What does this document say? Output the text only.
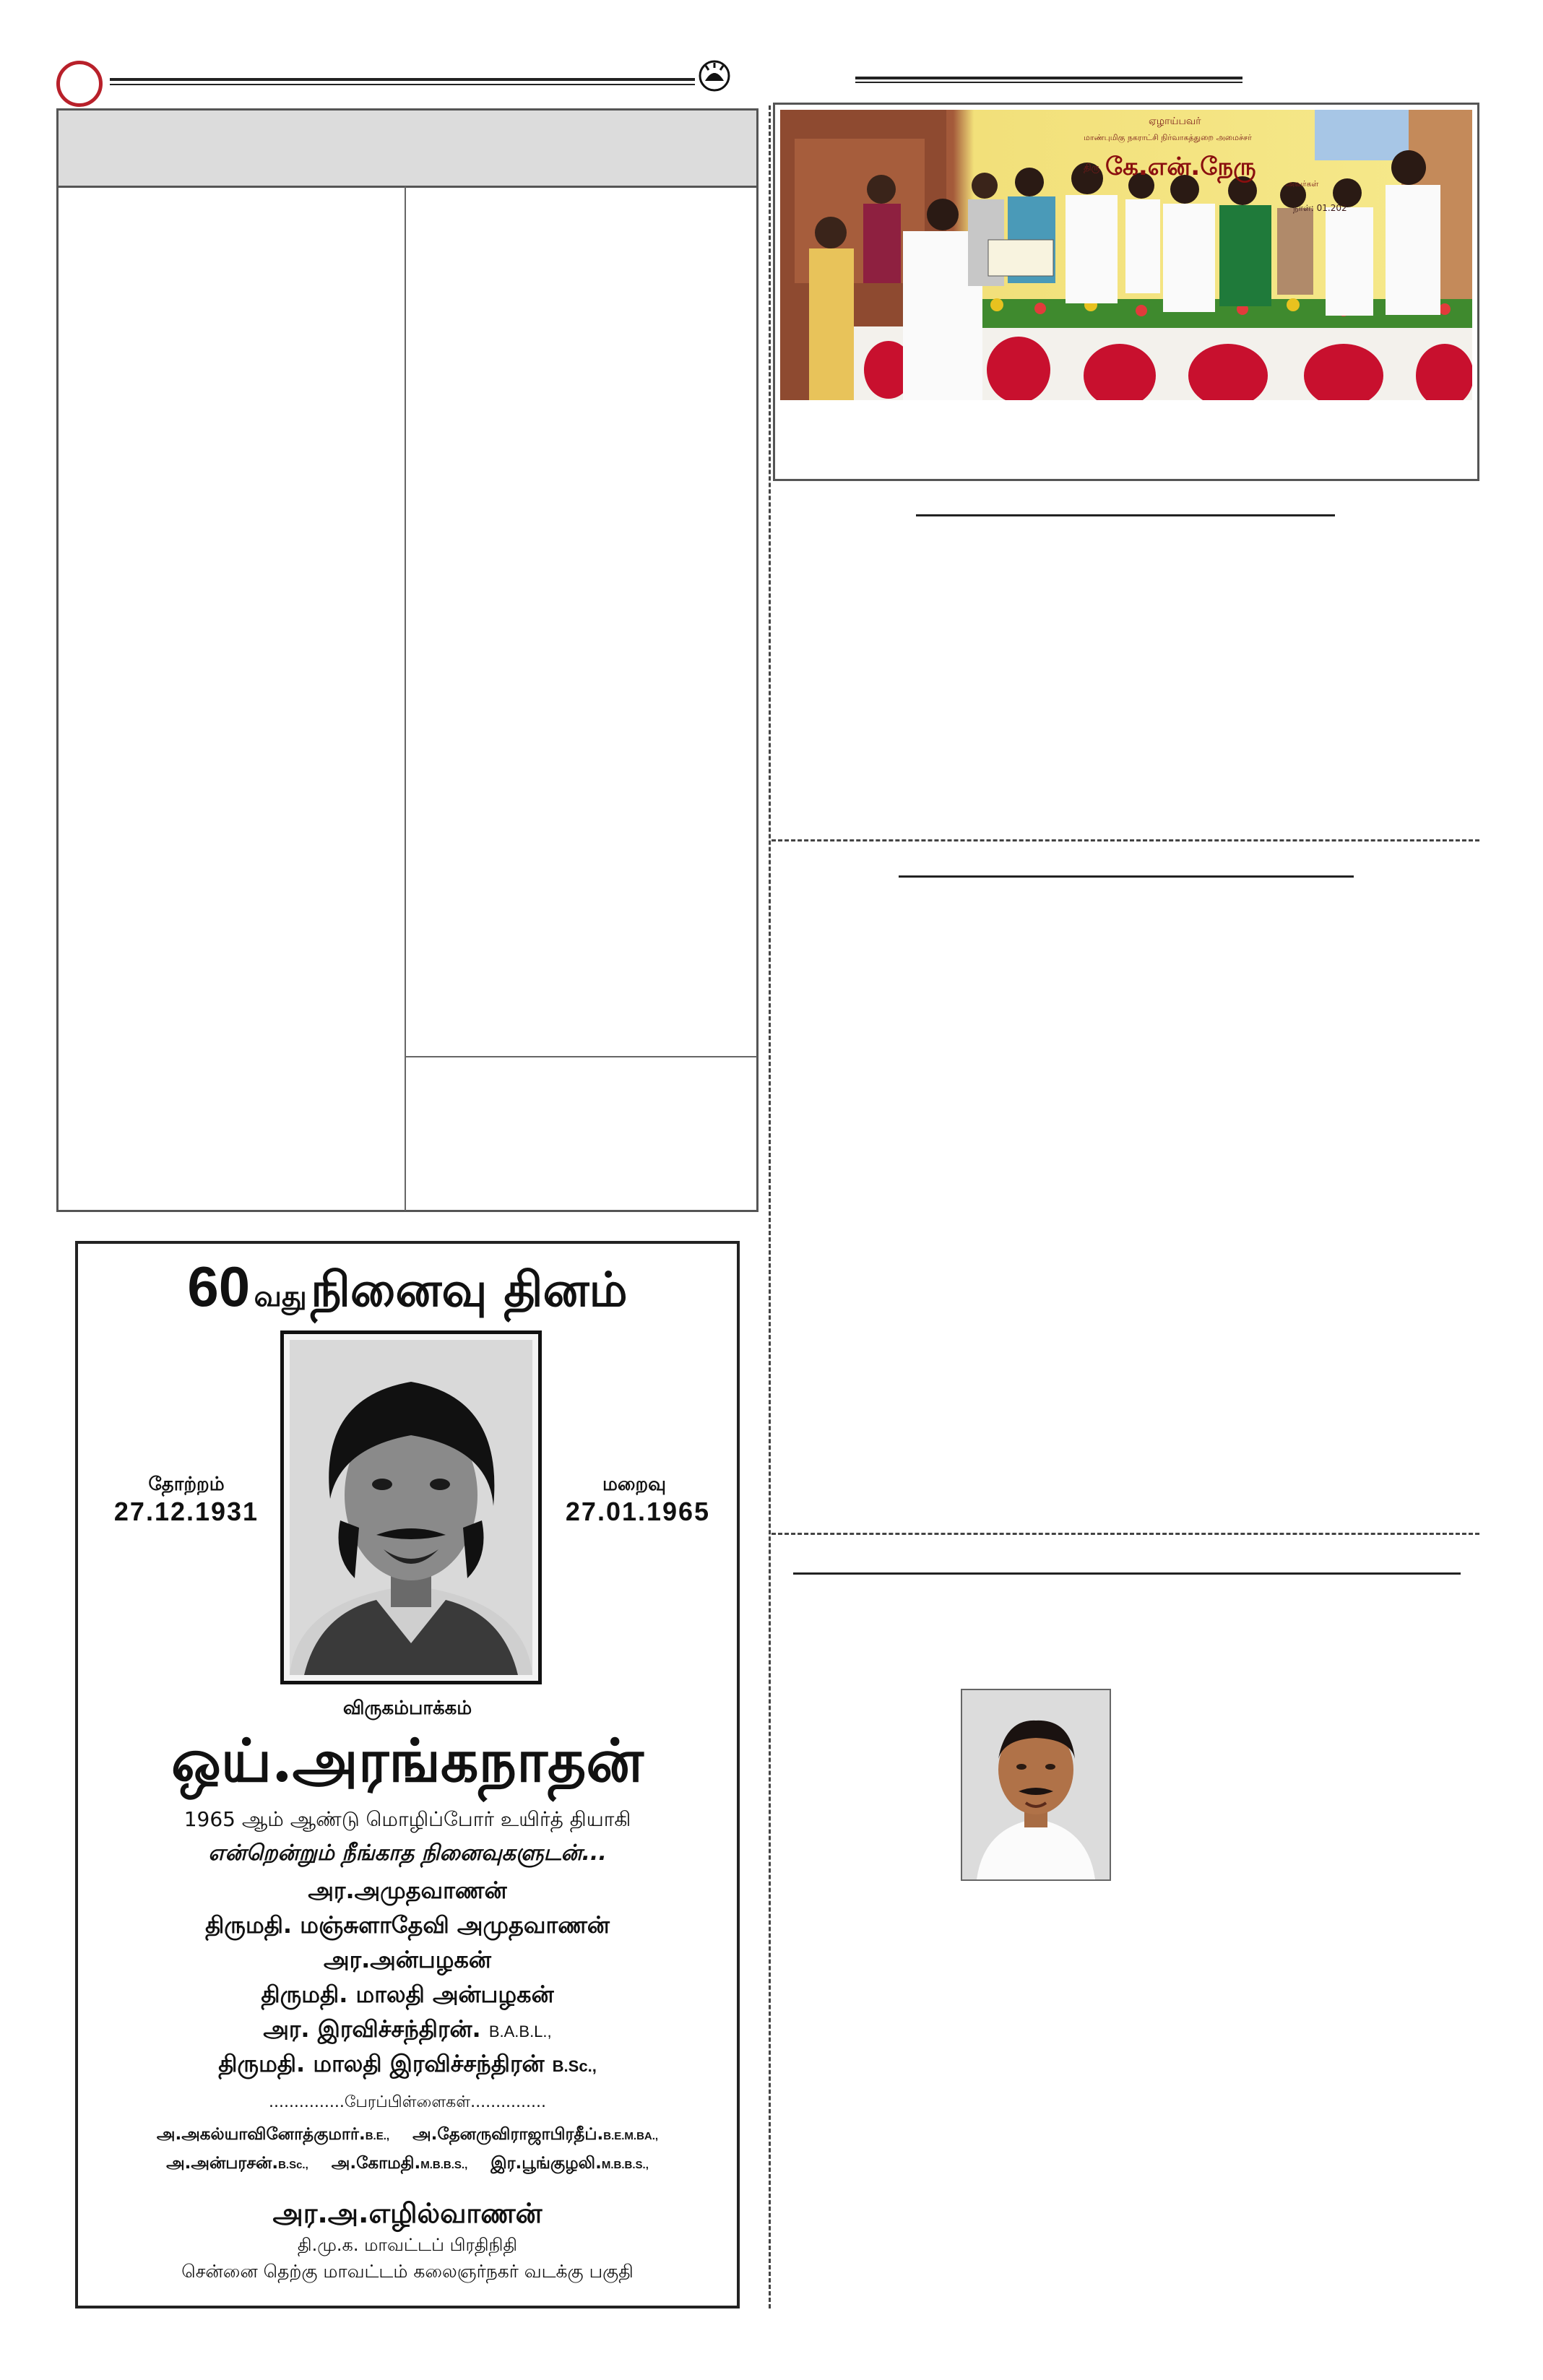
ஏழாய்பவர்
மாண்புமிகு நகராட்சி நிர்வாகத்துறை அமைச்சர்
திரு கே.என்.நேரு
அவர்கள்
நாள்: 01.202
60 வது நினைவு தினம்
தோற்றம்
27.12.1931
மறைவு
27.01.1965
விருகம்பாக்கம்
ஒய்.அரங்கநாதன்
1965 ஆம் ஆண்டு மொழிப்போர் உயிர்த் தியாகி
என்றென்றும் நீங்காத நினைவுகளுடன்...
அர.அமுதவாணன்
திருமதி. மஞ்சுளாதேவி அமுதவாணன்
அர.அன்பழகன்
திருமதி. மாலதி அன்பழகன்
அர. இரவிச்சந்திரன். B.A.B.L.,
திருமதி. மாலதி இரவிச்சந்திரன் B.Sc.,
...............பேரப்பிள்ளைகள்...............
அ.அகல்யாவினோத்குமார்.B.E., அ.தேனருவிராஜாபிரதீப்.B.E.M.BA.,
அ.அன்பரசன்.B.Sc., அ.கோமதி.M.B.B.S., இர.பூங்குழலி.M.B.B.S.,
அர.அ.எழில்வாணன்
தி.மு.க. மாவட்டப் பிரதிநிதி
சென்னை தெற்கு மாவட்டம் கலைஞர்நகர் வடக்கு பகுதி
